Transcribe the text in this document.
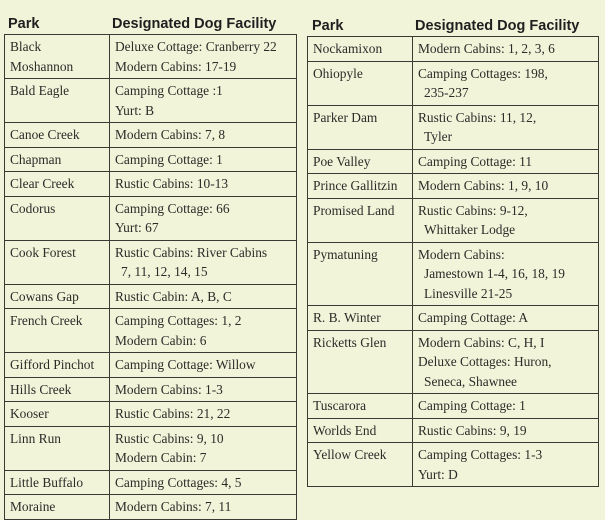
Park	Designated Dog Facility
Black
Moshannon	Deluxe Cottage: Cranberry 22
Modern Cabins: 17-19

Bald Eagle	Camping Cottage :1
Yurt: B

Canoe Creek	Modern Cabins: 7, 8

Chapman	Camping Cottage: 1

Clear Creek	Rustic Cabins: 10-13

Codorus	Camping Cottage: 66
Yurt: 67

Cook Forest	Rustic Cabins: River Cabins
7, 11, 12, 14, 15

Cowans Gap	Rustic Cabin: A, B, C

French Creek	Camping Cottages: 1, 2
Modern Cabin: 6

Gifford Pinchot	Camping Cottage: Willow

Hills Creek	Modern Cabins: 1-3

Kooser	Rustic Cabins: 21, 22

Linn Run	Rustic Cabins: 9, 10
Modern Cabin: 7

Little Buffalo	Camping Cottages: 4, 5

Moraine	Modern Cabins: 7, 11
Park	Designated Dog Facility
Nockamixon	Modern Cabins: 1, 2, 3, 6

Ohiopyle	Camping Cottages: 198,
235-237

Parker Dam	Rustic Cabins: 11, 12,
Tyler

Poe Valley	Camping Cottage: 11

Prince Gallitzin	Modern Cabins: 1, 9, 10

Promised Land	Rustic Cabins: 9-12,
Whittaker Lodge

Pymatuning	Modern Cabins:
Jamestown 1-4, 16, 18, 19
Linesville 21-25

R. B. Winter	Camping Cottage: A

Ricketts Glen	Modern Cabins: C, H, I
Deluxe Cottages: Huron,
Seneca, Shawnee

Tuscarora	Camping Cottage: 1

Worlds End	Rustic Cabins: 9, 19

Yellow Creek	Camping Cottages: 1-3
Yurt: D
